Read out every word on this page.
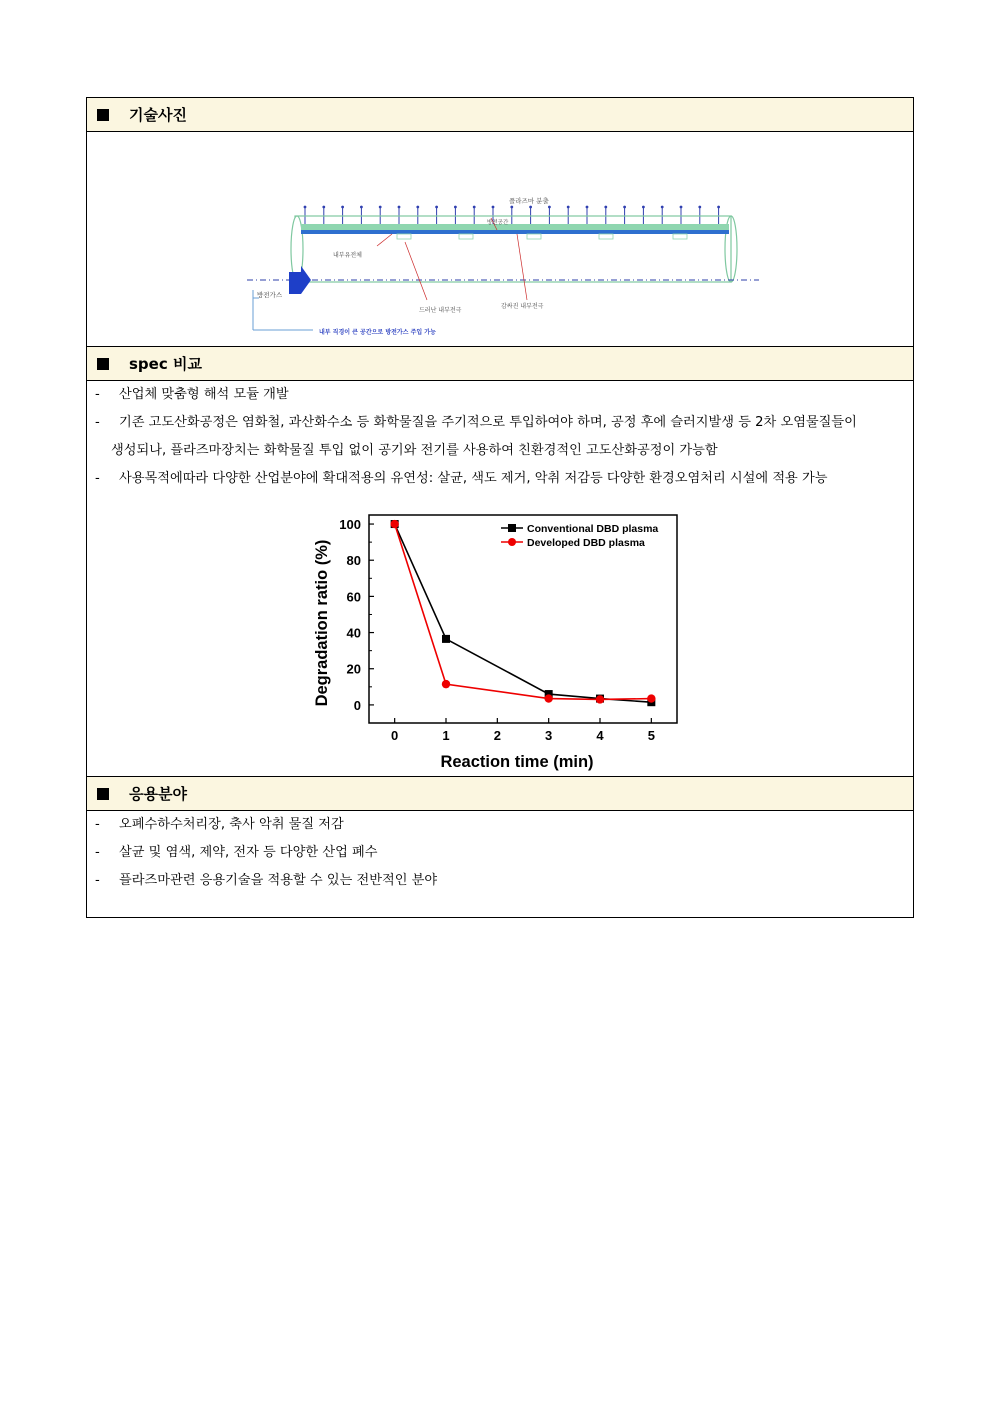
기술사진
플라즈마 분출
방전공간
방전가스
내부유전체
드러난 내부전극
감싸진 내부전극
내부 직경이 큰 공간으로 방전가스 주입 가능
spec 비교
- 산업체 맞춤형 해석 모듈 개발
- 기존 고도산화공정은 염화철, 과산화수소 등 화학물질을 주기적으로 투입하여야 하며, 공정 후에 슬러지발생 등 2차 오염물질들이
생성되나, 플라즈마장치는 화학물질 투입 없이 공기와 전기를 사용하여 친환경적인 고도산화공정이 가능함
- 사용목적에따라 다양한 산업분야에 확대적용의 유연성: 살균, 색도 제거, 악취 저감등 다양한 환경오염처리 시설에 적용 가능
0	1	2	3	4	5
0
20
40
60
80
100	Conventional DBD plasma
Developed DBD plasma
Degradation ratio (%)
Reaction time (min)
응용분야
- 오폐수하수처리장, 축사 악취 물질 저감
- 살균 및 염색, 제약, 전자 등 다양한 산업 폐수
- 플라즈마관련 응용기술을 적용할 수 있는 전반적인 분야
